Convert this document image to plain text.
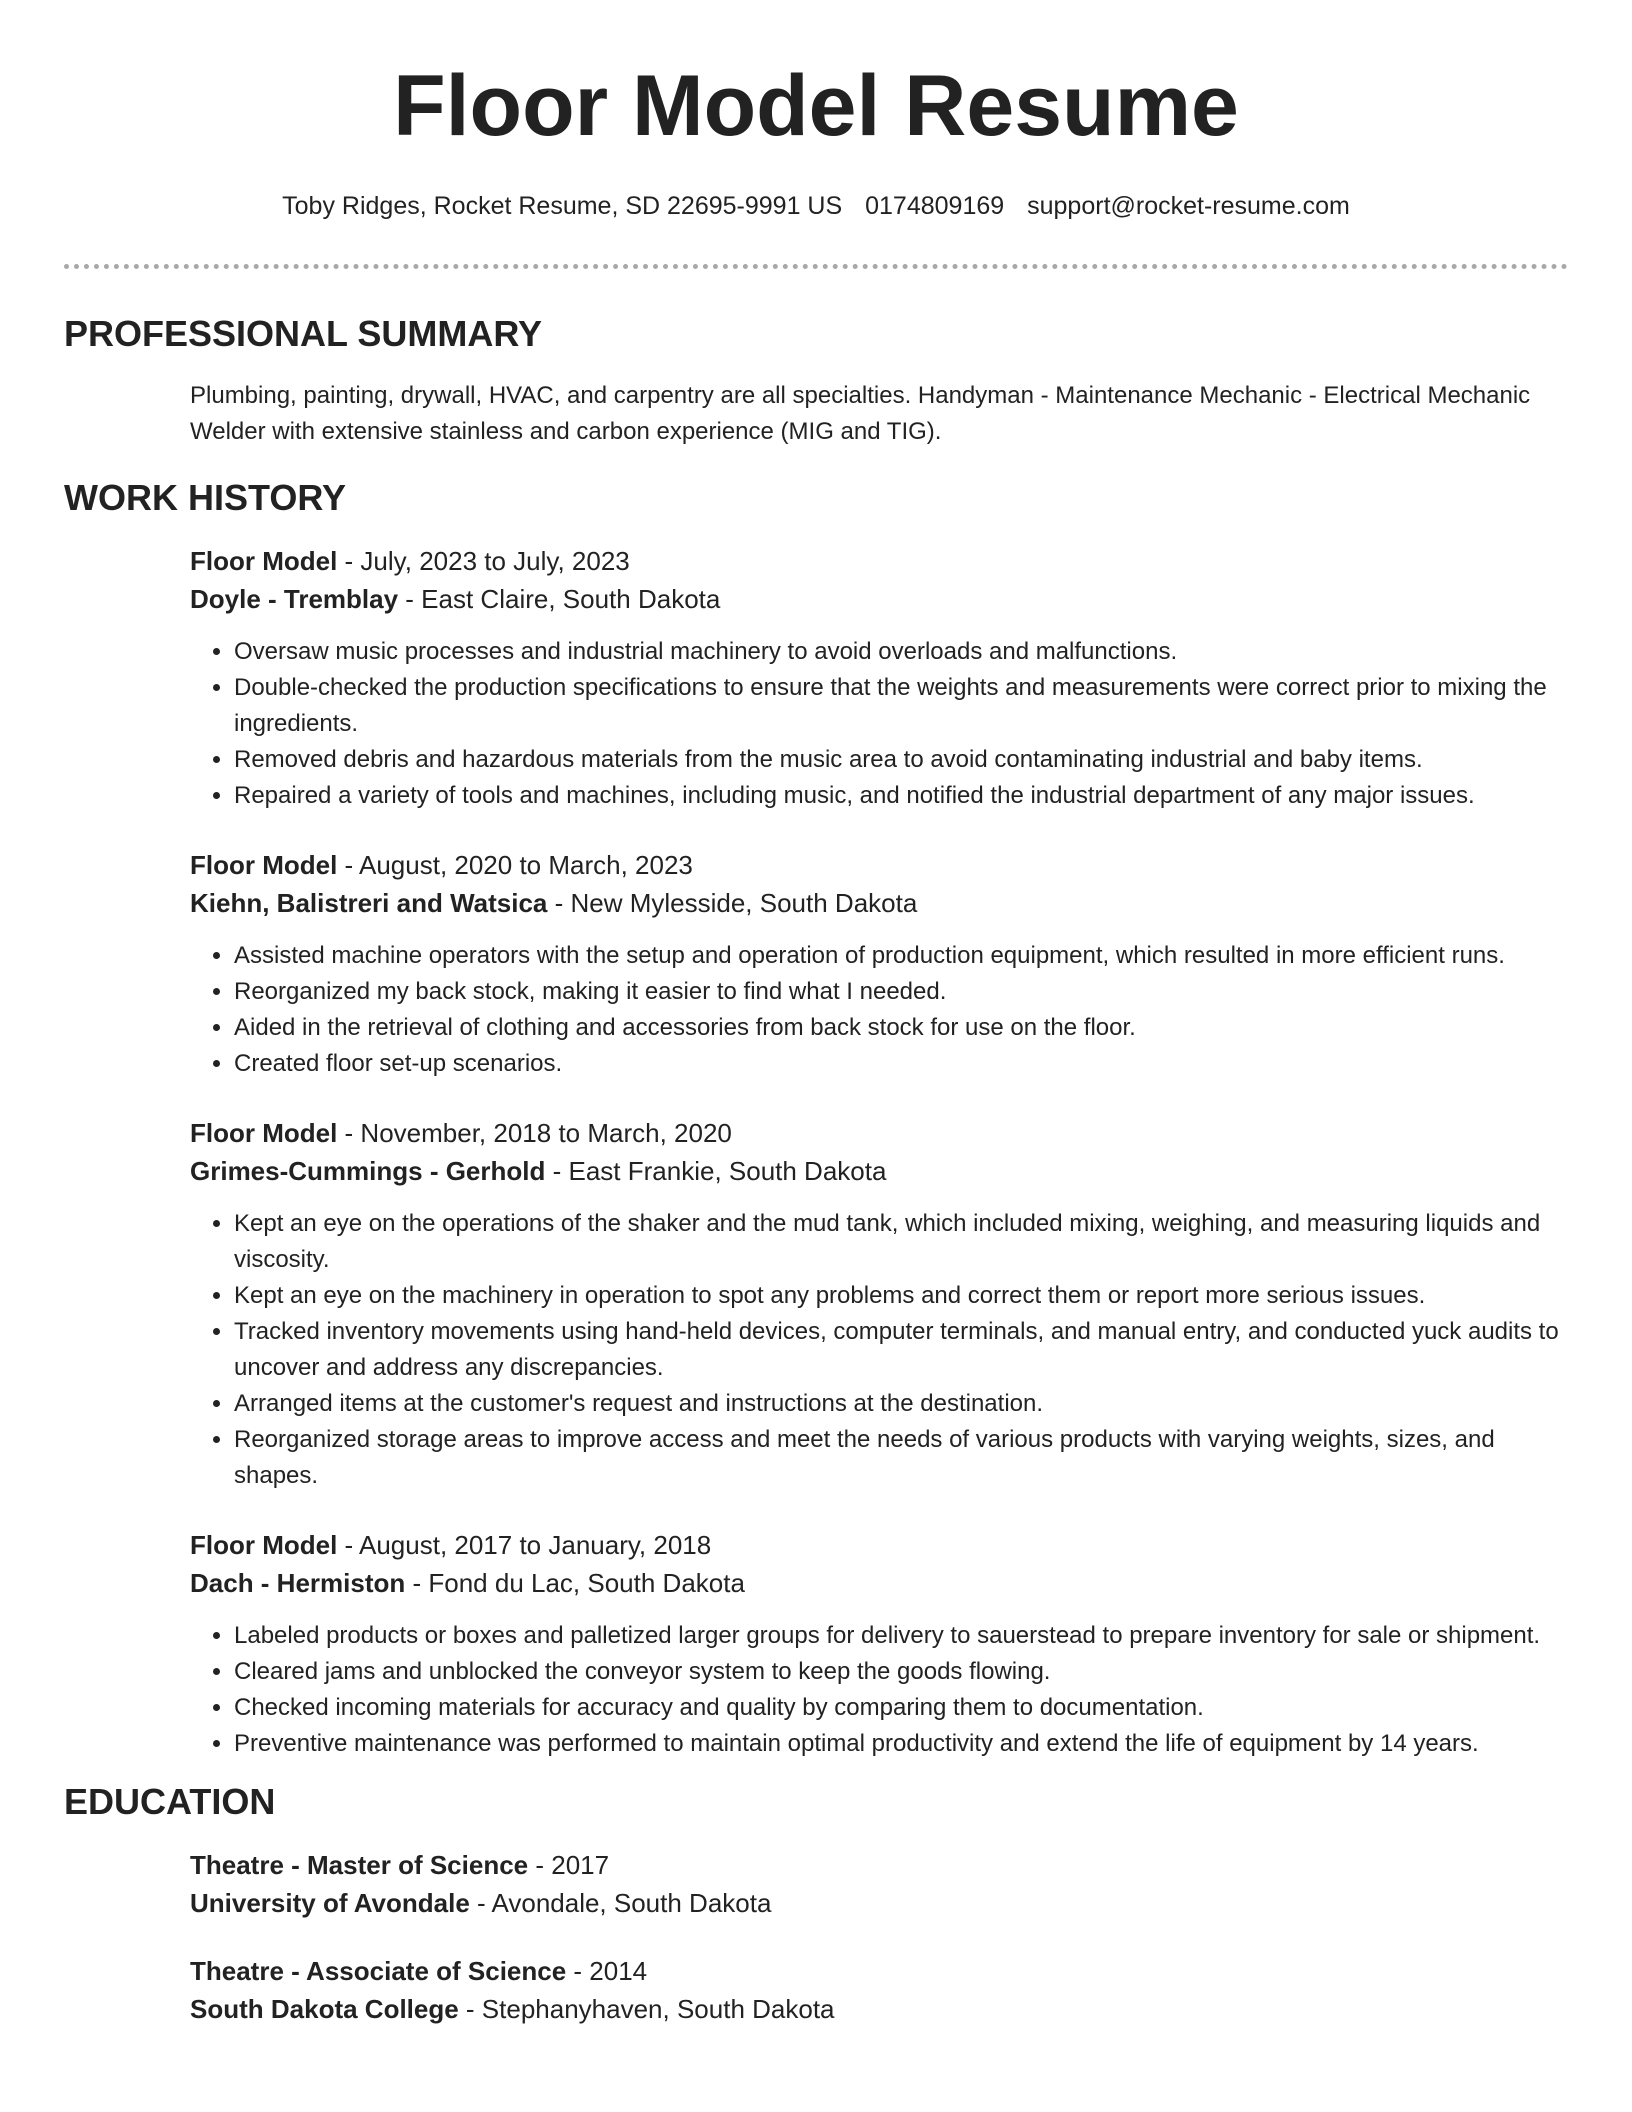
Floor Model Resume
Toby Ridges, Rocket Resume, SD 22695-9991 US 0174809169 support@rocket-resume.com
PROFESSIONAL SUMMARY

Plumbing, painting, drywall, HVAC, and carpentry are all specialties. Handyman - Maintenance Mechanic - Electrical Mechanic Welder with extensive stainless and carbon experience (MIG and TIG).

WORK HISTORY
Floor Model - July, 2023 to July, 2023
Doyle - Tremblay - East Claire, South Dakota
• Oversaw music processes and industrial machinery to avoid overloads and malfunctions.
• Double-checked the production specifications to ensure that the weights and measurements were correct prior to mixing the ingredients.
• Removed debris and hazardous materials from the music area to avoid contaminating industrial and baby items.
• Repaired a variety of tools and machines, including music, and notified the industrial department of any major issues.
Floor Model - August, 2020 to March, 2023
Kiehn, Balistreri and Watsica - New Mylesside, South Dakota
• Assisted machine operators with the setup and operation of production equipment, which resulted in more efficient runs.
• Reorganized my back stock, making it easier to find what I needed.
• Aided in the retrieval of clothing and accessories from back stock for use on the floor.
• Created floor set-up scenarios.
Floor Model - November, 2018 to March, 2020
Grimes-Cummings - Gerhold - East Frankie, South Dakota
• Kept an eye on the operations of the shaker and the mud tank, which included mixing, weighing, and measuring liquids and viscosity.
• Kept an eye on the machinery in operation to spot any problems and correct them or report more serious issues.
• Tracked inventory movements using hand-held devices, computer terminals, and manual entry, and conducted yuck audits to uncover and address any discrepancies.
• Arranged items at the customer's request and instructions at the destination.
• Reorganized storage areas to improve access and meet the needs of various products with varying weights, sizes, and shapes.
Floor Model - August, 2017 to January, 2018
Dach - Hermiston - Fond du Lac, South Dakota
• Labeled products or boxes and palletized larger groups for delivery to sauerstead to prepare inventory for sale or shipment.
• Cleared jams and unblocked the conveyor system to keep the goods flowing.
• Checked incoming materials for accuracy and quality by comparing them to documentation.
• Preventive maintenance was performed to maintain optimal productivity and extend the life of equipment by 14 years.
EDUCATION
Theatre - Master of Science - 2017
University of Avondale - Avondale, South Dakota
Theatre - Associate of Science - 2014
South Dakota College - Stephanyhaven, South Dakota
